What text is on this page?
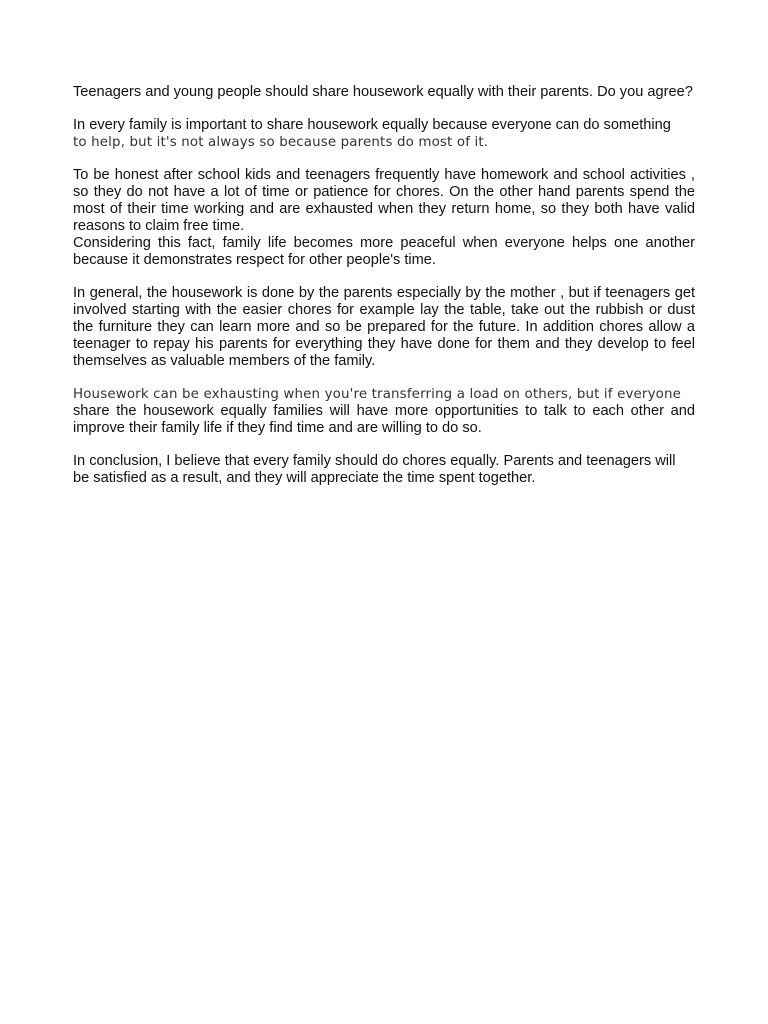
Teenagers and young people should share housework equally with their parents. Do you agree?

In every family is important to share housework equally because everyone can do something
to help, but it's not always so because parents do most of it.

To be honest after school kids and teenagers frequently have homework and school activities , so they do not have a lot of time or patience for chores. On the other hand parents spend the most of their time working and are exhausted when they return home, so they both have valid reasons to claim free time.

Considering this fact, family life becomes more peaceful when everyone helps one another because it demonstrates respect for other people's time.

In general, the housework is done by the parents especially by the mother , but if teenagers get involved starting with the easier chores for example lay the table, take out the rubbish or dust the furniture they can learn more and so be prepared for the future. In addition chores allow a teenager to repay his parents for everything they have done for them and they develop to feel themselves as valuable members of the family.

Housework can be exhausting when you're transferring a load on others, but if everyone
share the housework equally families will have more opportunities to talk to each other and improve their family life if they find time and are willing to do so.

In conclusion, I believe that every family should do chores equally. Parents and teenagers will be satisfied as a result, and they will appreciate the time spent together.
